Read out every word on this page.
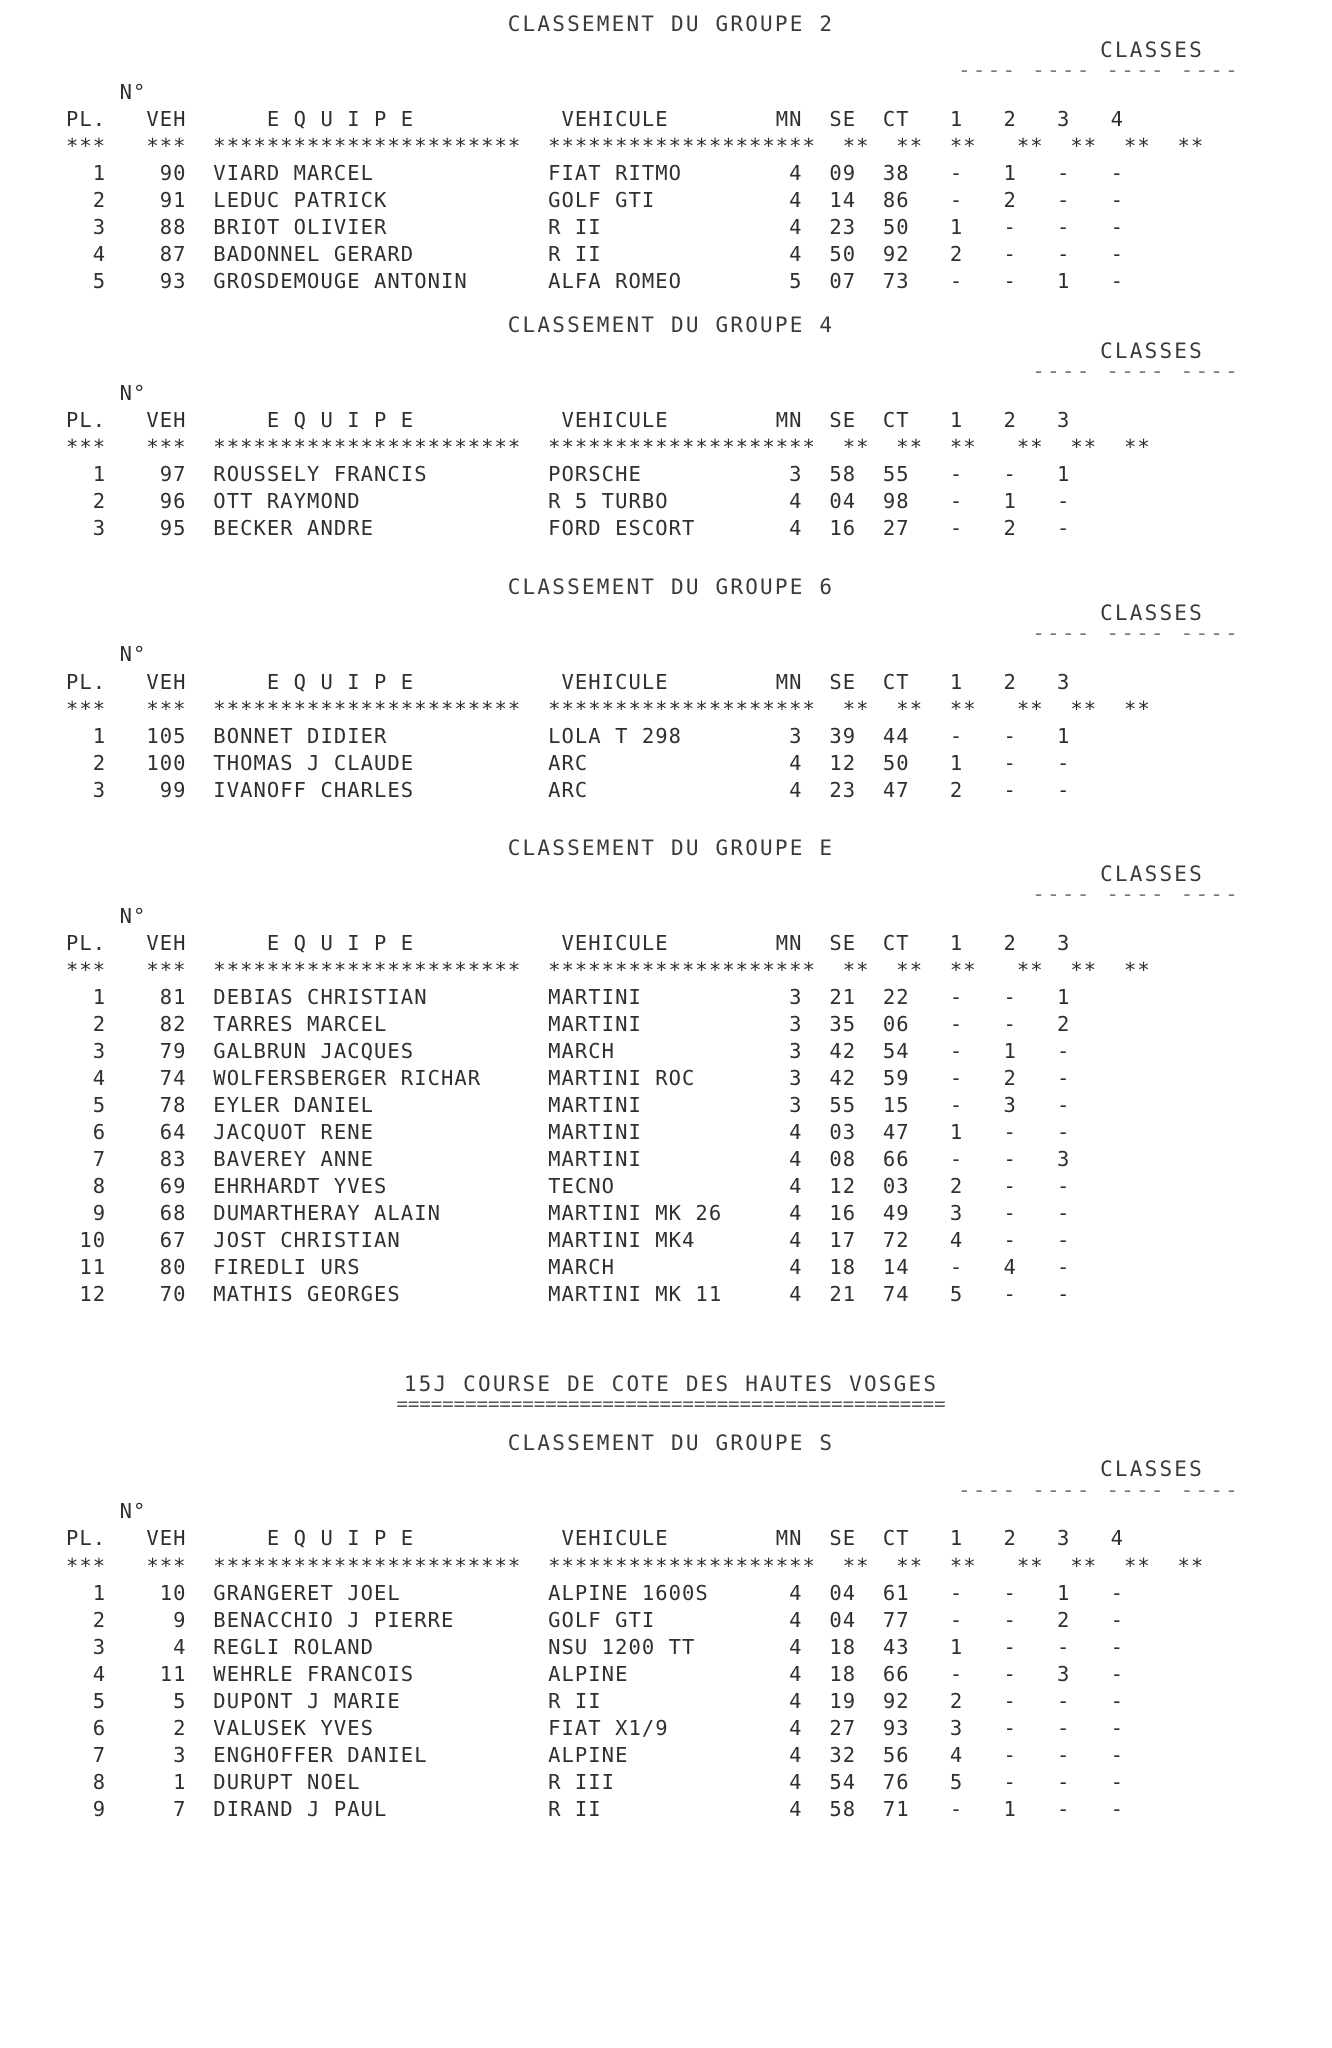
CLASSEMENT DU GROUPE 2
CLASSES
---- ---- ---- ----
N°
PL.   VEH      E Q U I P E           VEHICULE        MN  SE  CT   1   2   3   4
***   ***  ***********************  ********************  **  **  **   **  **  **  **
1    90  VIARD MARCEL             FIAT RITMO        4  09  38   -   1   -   -
2    91  LEDUC PATRICK            GOLF GTI          4  14  86   -   2   -   -
3    88  BRIOT OLIVIER            R II              4  23  50   1   -   -   -
4    87  BADONNEL GERARD          R II              4  50  92   2   -   -   -
5    93  GROSDEMOUGE ANTONIN      ALFA ROMEO        5  07  73   -   -   1   -
CLASSEMENT DU GROUPE 4
CLASSES
---- ---- ----
N°
PL.   VEH      E Q U I P E           VEHICULE        MN  SE  CT   1   2   3
***   ***  ***********************  ********************  **  **  **   **  **  **
1    97  ROUSSELY FRANCIS         PORSCHE           3  58  55   -   -   1
2    96  OTT RAYMOND              R 5 TURBO         4  04  98   -   1   -
3    95  BECKER ANDRE             FORD ESCORT       4  16  27   -   2   -
CLASSEMENT DU GROUPE 6
CLASSES
---- ---- ----
N°
PL.   VEH      E Q U I P E           VEHICULE        MN  SE  CT   1   2   3
***   ***  ***********************  ********************  **  **  **   **  **  **
1   105  BONNET DIDIER            LOLA T 298        3  39  44   -   -   1
2   100  THOMAS J CLAUDE          ARC               4  12  50   1   -   -
3    99  IVANOFF CHARLES          ARC               4  23  47   2   -   -
CLASSEMENT DU GROUPE E
CLASSES
---- ---- ----
N°
PL.   VEH      E Q U I P E           VEHICULE        MN  SE  CT   1   2   3
***   ***  ***********************  ********************  **  **  **   **  **  **
1    81  DEBIAS CHRISTIAN         MARTINI           3  21  22   -   -   1
2    82  TARRES MARCEL            MARTINI           3  35  06   -   -   2
3    79  GALBRUN JACQUES          MARCH             3  42  54   -   1   -
4    74  WOLFERSBERGER RICHAR     MARTINI ROC       3  42  59   -   2   -
5    78  EYLER DANIEL             MARTINI           3  55  15   -   3   -
6    64  JACQUOT RENE             MARTINI           4  03  47   1   -   -
7    83  BAVEREY ANNE             MARTINI           4  08  66   -   -   3
8    69  EHRHARDT YVES            TECNO             4  12  03   2   -   -
9    68  DUMARTHERAY ALAIN        MARTINI MK 26     4  16  49   3   -   -
10    67  JOST CHRISTIAN           MARTINI MK4       4  17  72   4   -   -
11    80  FIREDLI URS              MARCH             4  18  14   -   4   -
12    70  MATHIS GEORGES           MARTINI MK 11     4  21  74   5   -   -
15J COURSE DE COTE DES HAUTES VOSGES
================================================
CLASSEMENT DU GROUPE S
CLASSES
---- ---- ---- ----
N°
PL.   VEH      E Q U I P E           VEHICULE        MN  SE  CT   1   2   3   4
***   ***  ***********************  ********************  **  **  **   **  **  **  **
1    10  GRANGERET JOEL           ALPINE 1600S      4  04  61   -   -   1   -
2     9  BENACCHIO J PIERRE       GOLF GTI          4  04  77   -   -   2   -
3     4  REGLI ROLAND             NSU 1200 TT       4  18  43   1   -   -   -
4    11  WEHRLE FRANCOIS          ALPINE            4  18  66   -   -   3   -
5     5  DUPONT J MARIE           R II              4  19  92   2   -   -   -
6     2  VALUSEK YVES             FIAT X1/9         4  27  93   3   -   -   -
7     3  ENGHOFFER DANIEL         ALPINE            4  32  56   4   -   -   -
8     1  DURUPT NOEL              R III             4  54  76   5   -   -   -
9     7  DIRAND J PAUL            R II              4  58  71   -   1   -   -
